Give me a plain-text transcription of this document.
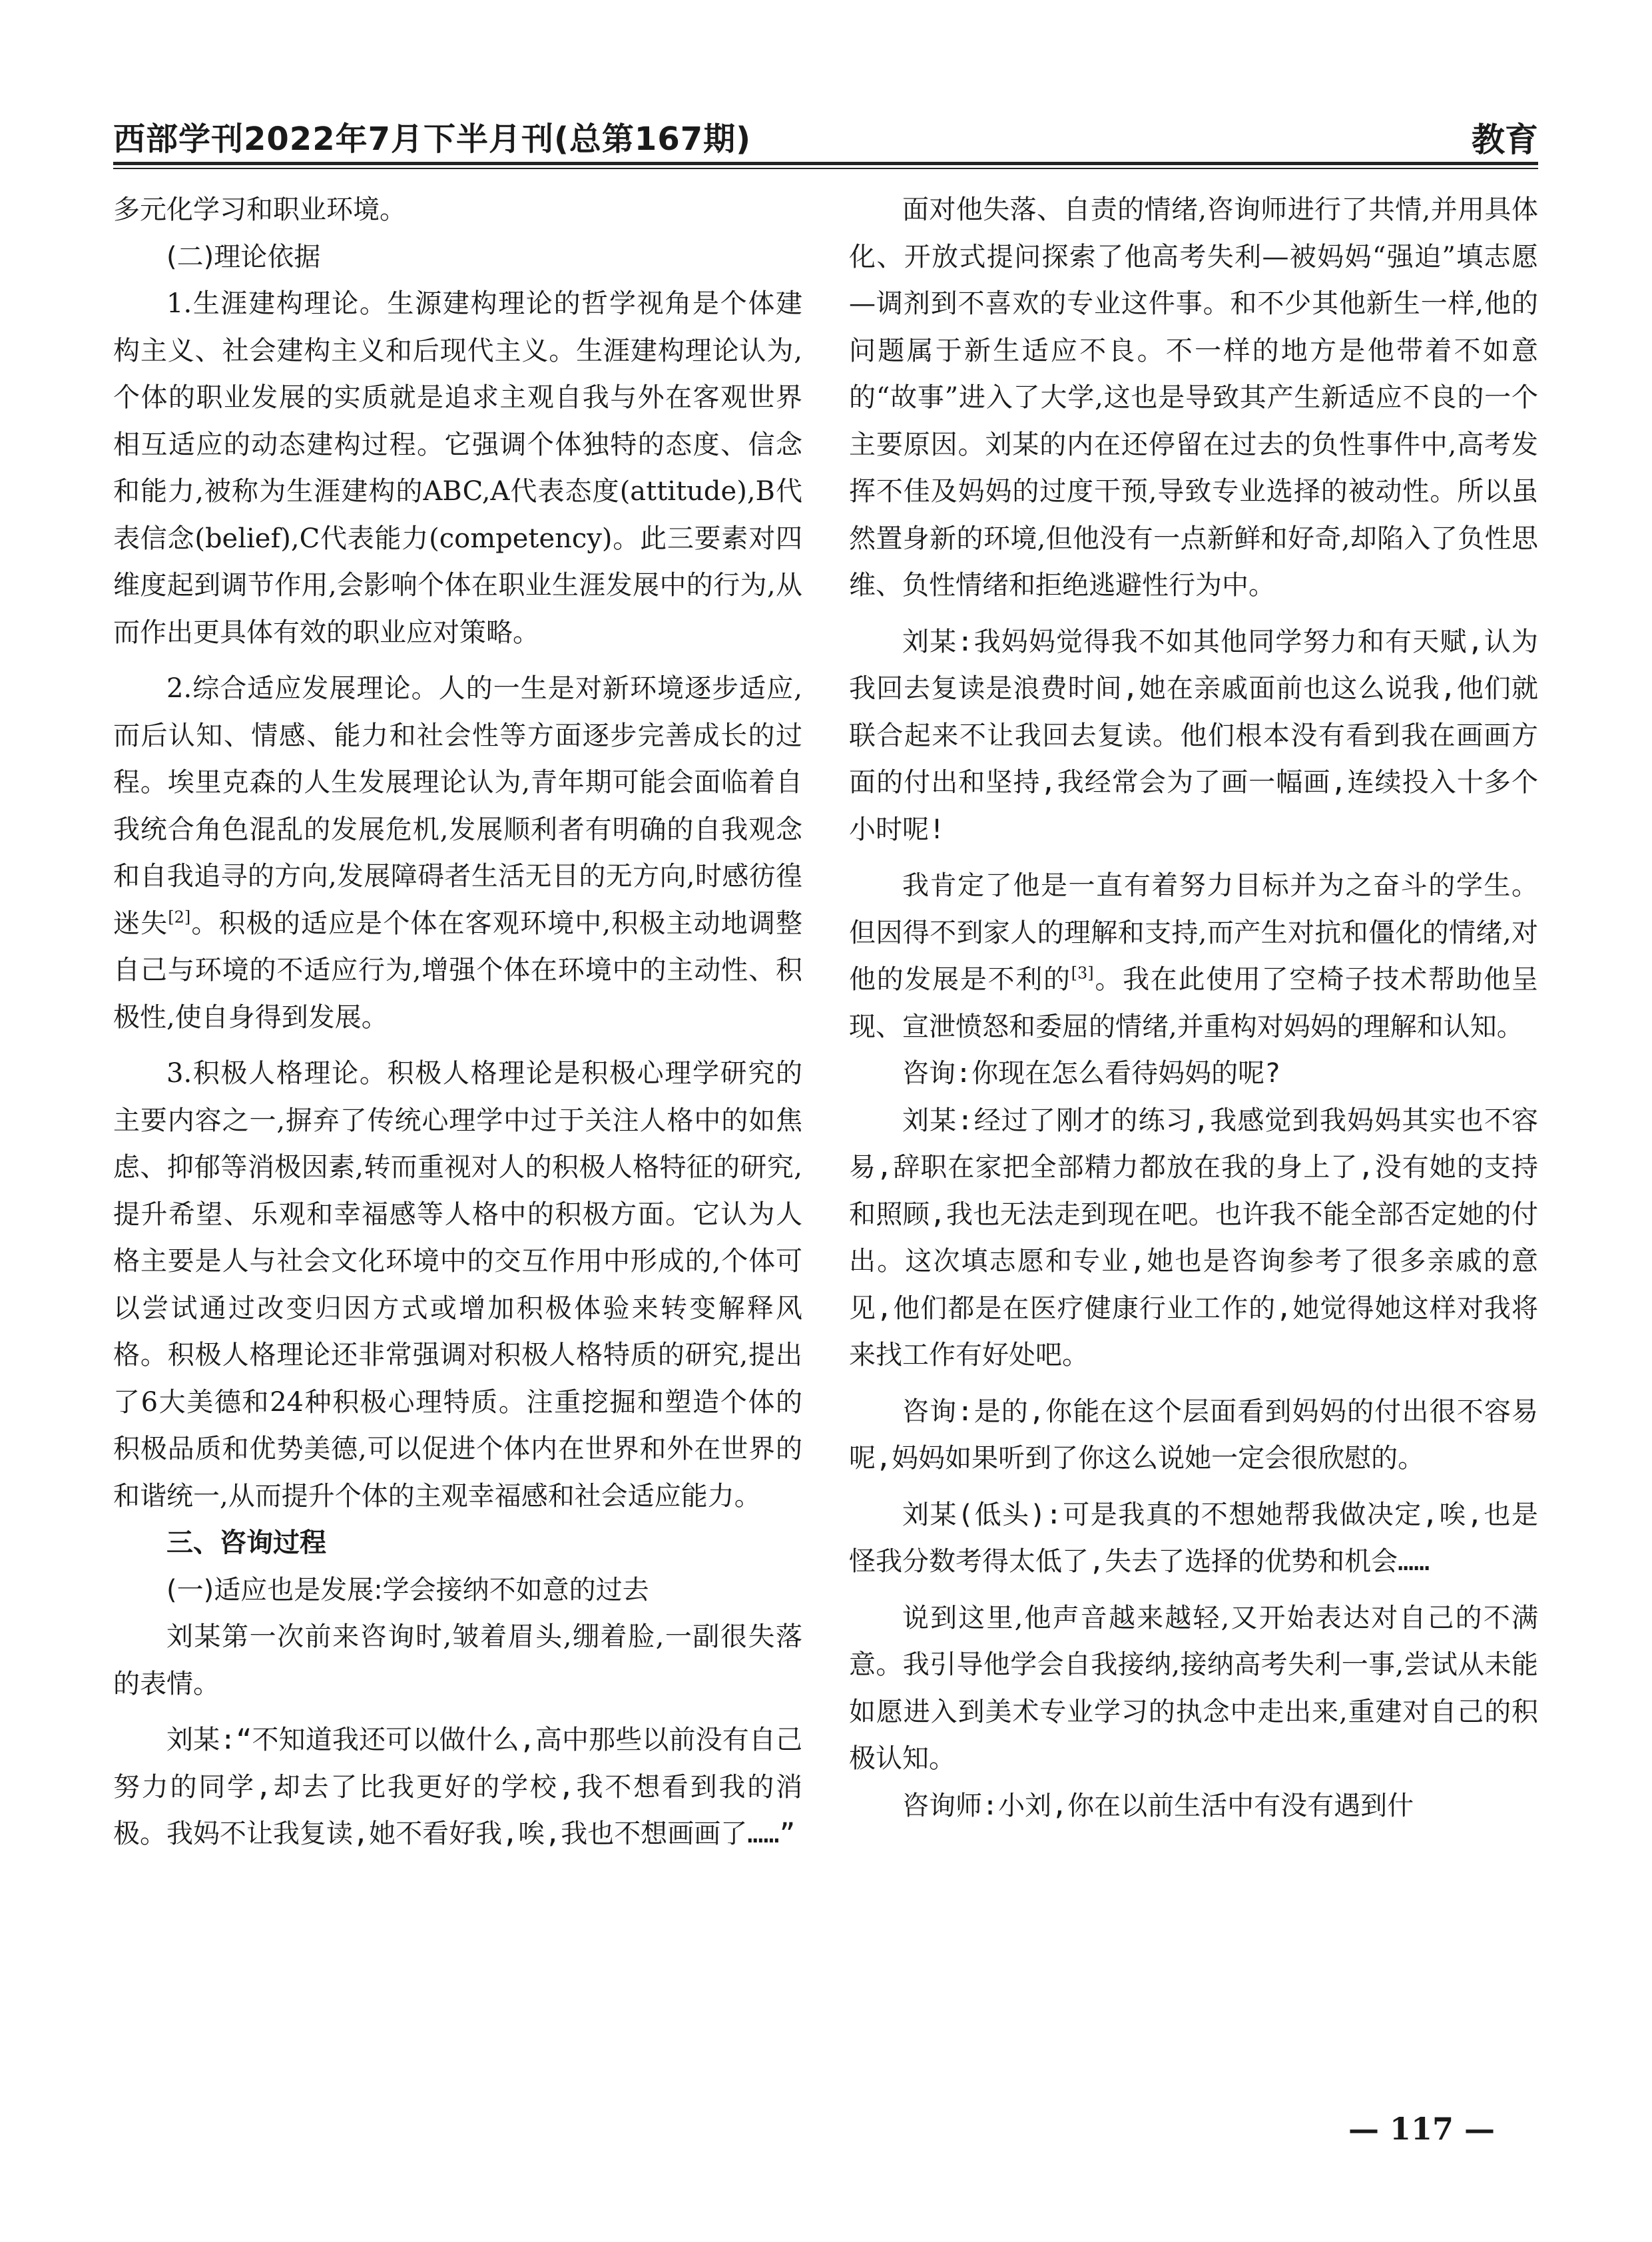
西部学刊2022年7月下半月刊(总第167期)	教育

多元化学习和职业环境。

(二)理论依据

1.生涯建构理论。生源建构理论的哲学视角是个体建构主义、社会建构主义和后现代主义。生涯建构理论认为,个体的职业发展的实质就是追求主观自我与外在客观世界相互适应的动态建构过程。它强调个体独特的态度、信念和能力,被称为生涯建构的ABC,A代表态度(attitude),B代表信念(belief),C代表能力(competency)。此三要素对四维度起到调节作用,会影响个体在职业生涯发展中的行为,从而作出更具体有效的职业应对策略。

2.综合适应发展理论。人的一生是对新环境逐步适应,而后认知、情感、能力和社会性等方面逐步完善成长的过程。埃里克森的人生发展理论认为,青年期可能会面临着自我统合角色混乱的发展危机,发展顺利者有明确的自我观念和自我追寻的方向,发展障碍者生活无目的无方向,时感彷徨迷失[2]。积极的适应是个体在客观环境中,积极主动地调整自己与环境的不适应行为,增强个体在环境中的主动性、积极性,使自身得到发展。

3.积极人格理论。积极人格理论是积极心理学研究的主要内容之一,摒弃了传统心理学中过于关注人格中的如焦虑、抑郁等消极因素,转而重视对人的积极人格特征的研究,提升希望、乐观和幸福感等人格中的积极方面。它认为人格主要是人与社会文化环境中的交互作用中形成的,个体可以尝试通过改变归因方式或增加积极体验来转变解释风格。积极人格理论还非常强调对积极人格特质的研究,提出了6大美德和24种积极心理特质。注重挖掘和塑造个体的积极品质和优势美德,可以促进个体内在世界和外在世界的和谐统一,从而提升个体的主观幸福感和社会适应能力。

三、咨询过程

(一)适应也是发展:学会接纳不如意的过去

刘某第一次前来咨询时,皱着眉头,绷着脸,一副很失落的表情。

刘某:“不知道我还可以做什么,高中那些以前没有自己努力的同学,却去了比我更好的学校,我不想看到我的消极。我妈不让我复读,她不看好我,唉,我也不想画画了……”

面对他失落、自责的情绪,咨询师进行了共情,并用具体化、开放式提问探索了他高考失利—被妈妈“强迫”填志愿—调剂到不喜欢的专业这件事。和不少其他新生一样,他的问题属于新生适应不良。不一样的地方是他带着不如意的“故事”进入了大学,这也是导致其产生新适应不良的一个主要原因。刘某的内在还停留在过去的负性事件中,高考发挥不佳及妈妈的过度干预,导致专业选择的被动性。所以虽然置身新的环境,但他没有一点新鲜和好奇,却陷入了负性思维、负性情绪和拒绝逃避性行为中。

刘某:我妈妈觉得我不如其他同学努力和有天赋,认为我回去复读是浪费时间,她在亲戚面前也这么说我,他们就联合起来不让我回去复读。他们根本没有看到我在画画方面的付出和坚持,我经常会为了画一幅画,连续投入十多个小时呢!

我肯定了他是一直有着努力目标并为之奋斗的学生。但因得不到家人的理解和支持,而产生对抗和僵化的情绪,对他的发展是不利的[3]。我在此使用了空椅子技术帮助他呈现、宣泄愤怒和委屈的情绪,并重构对妈妈的理解和认知。

咨询:你现在怎么看待妈妈的呢?

刘某:经过了刚才的练习,我感觉到我妈妈其实也不容易,辞职在家把全部精力都放在我的身上了,没有她的支持和照顾,我也无法走到现在吧。也许我不能全部否定她的付出。这次填志愿和专业,她也是咨询参考了很多亲戚的意见,他们都是在医疗健康行业工作的,她觉得她这样对我将来找工作有好处吧。

咨询:是的,你能在这个层面看到妈妈的付出很不容易呢,妈妈如果听到了你这么说她一定会很欣慰的。

刘某(低头):可是我真的不想她帮我做决定,唉,也是怪我分数考得太低了,失去了选择的优势和机会……

说到这里,他声音越来越轻,又开始表达对自己的不满意。我引导他学会自我接纳,接纳高考失利一事,尝试从未能如愿进入到美术专业学习的执念中走出来,重建对自己的积极认知。

咨询师:小刘,你在以前生活中有没有遇到什

— 117 —
